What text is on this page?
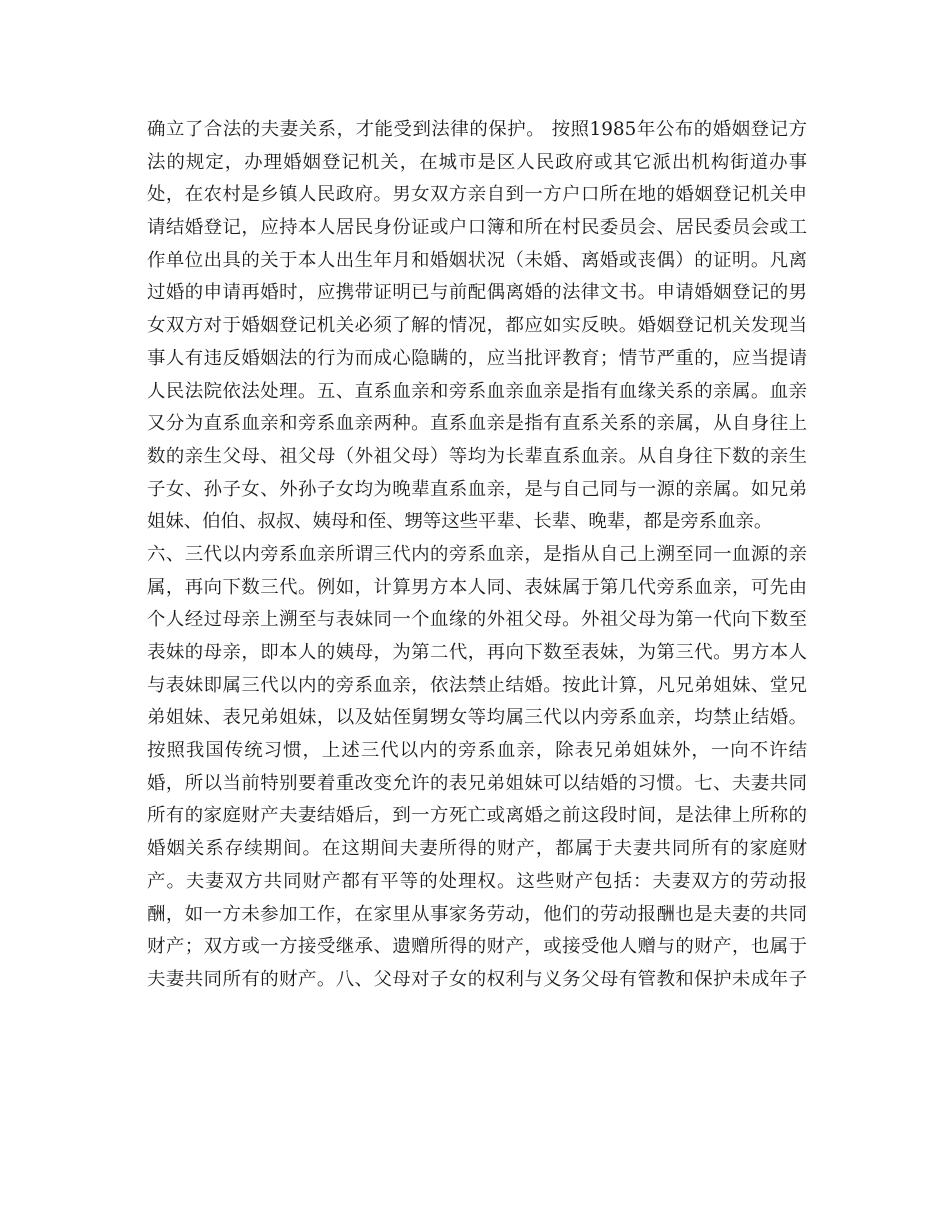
确立了合法的夫妻关系，才能受到法律的保护。 按照1985年公布的婚姻登记方
法的规定，办理婚姻登记机关，在城市是区人民政府或其它派出机构街道办事
处，在农村是乡镇人民政府。男女双方亲自到一方户口所在地的婚姻登记机关申
请结婚登记，应持本人居民身份证或户口簿和所在村民委员会、居民委员会或工
作单位出具的关于本人出生年月和婚姻状况（未婚、离婚或丧偶）的证明。凡离
过婚的申请再婚时，应携带证明已与前配偶离婚的法律文书。申请婚姻登记的男
女双方对于婚姻登记机关必须了解的情况，都应如实反映。婚姻登记机关发现当
事人有违反婚姻法的行为而成心隐瞒的，应当批评教育；情节严重的，应当提请
人民法院依法处理。五、直系血亲和旁系血亲血亲是指有血缘关系的亲属。血亲
又分为直系血亲和旁系血亲两种。直系血亲是指有直系关系的亲属，从自身往上
数的亲生父母、祖父母（外祖父母）等均为长辈直系血亲。从自身往下数的亲生
子女、孙子女、外孙子女均为晚辈直系血亲，是与自己同与一源的亲属。如兄弟
姐妹、伯伯、叔叔、姨母和侄、甥等这些平辈、长辈、晚辈，都是旁系血亲。
六、三代以内旁系血亲所谓三代内的旁系血亲，是指从自己上溯至同一血源的亲
属，再向下数三代。例如，计算男方本人同、表妹属于第几代旁系血亲，可先由
个人经过母亲上溯至与表妹同一个血缘的外祖父母。外祖父母为第一代向下数至
表妹的母亲，即本人的姨母，为第二代，再向下数至表妹，为第三代。男方本人
与表妹即属三代以内的旁系血亲，依法禁止结婚。按此计算，凡兄弟姐妹、堂兄
弟姐妹、表兄弟姐妹，以及姑侄舅甥女等均属三代以内旁系血亲，均禁止结婚。
按照我国传统习惯，上述三代以内的旁系血亲，除表兄弟姐妹外，一向不许结
婚，所以当前特别要着重改变允许的表兄弟姐妹可以结婚的习惯。七、夫妻共同
所有的家庭财产夫妻结婚后，到一方死亡或离婚之前这段时间，是法律上所称的
婚姻关系存续期间。在这期间夫妻所得的财产，都属于夫妻共同所有的家庭财
产。夫妻双方共同财产都有平等的处理权。这些财产包括：夫妻双方的劳动报
酬，如一方未参加工作，在家里从事家务劳动，他们的劳动报酬也是夫妻的共同
财产；双方或一方接受继承、遗赠所得的财产，或接受他人赠与的财产，也属于
夫妻共同所有的财产。八、父母对子女的权利与义务父母有管教和保护未成年子
